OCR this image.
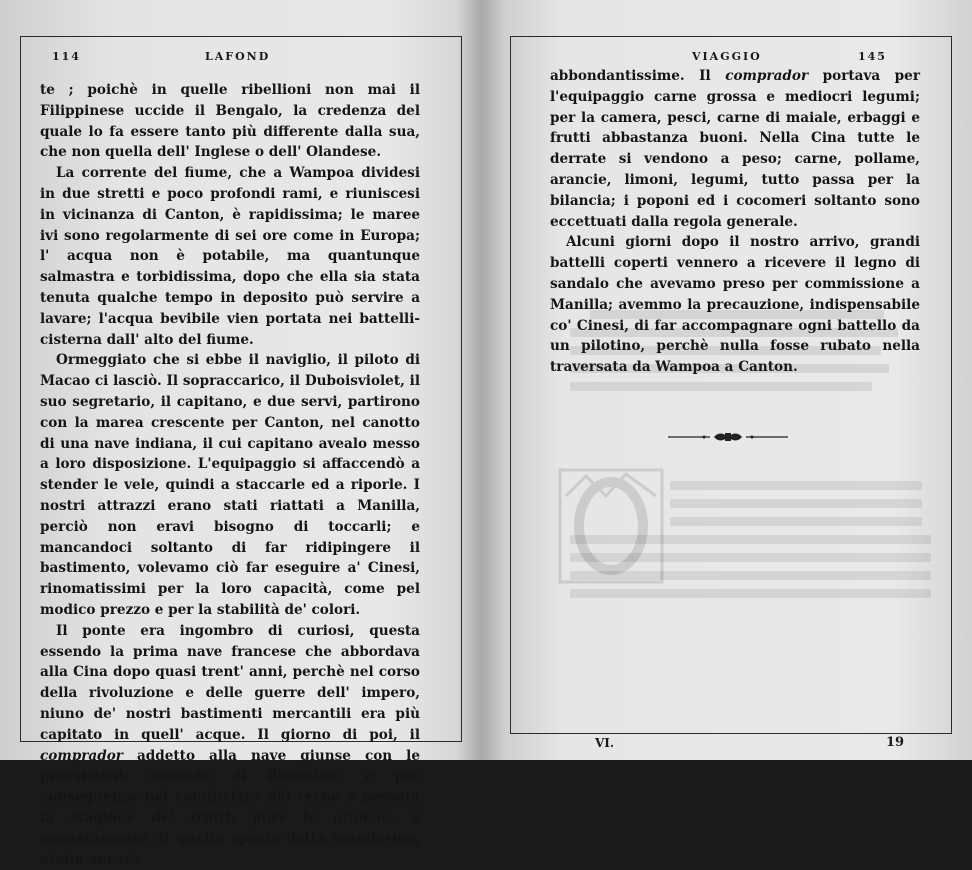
114	LAFOND

te ; poichè in quelle ribellioni non mai il Filippinese uccide il Bengalo, la credenza del quale lo fa essere tanto più differente dalla sua, che non quella dell' Inglese o dell' Olandese.

La corrente del fiume, che a Wampoa dividesi in due stretti e poco profondi rami, e riuniscesi in vicinanza di Canton, è rapidissima; le maree ivi sono regolarmente di sei ore come in Europa; l' acqua non è potabile, ma quantunque salmastra e torbidissima, dopo che ella sia stata tenuta qualche tempo in deposito può servire a lavare; l'acqua bevibile vien portata nei battelli-cisterna dall' alto del fiume.

Ormeggiato che si ebbe il naviglio, il piloto di Macao ci lasciò. Il sopraccarico, il Duboisviolet, il suo segretario, il capitano, e due servi, partirono con la marea crescente per Canton, nel canotto di una nave indiana, il cui capitano avealo messo a loro disposizione. L'equipaggio si affaccendò a stender le vele, quindi a staccarle ed a riporle. I nostri attrazzi erano stati riattati a Manilla, perciò non eravi bisogno di toccarli; e mancandoci soltanto di far ridipingere il bastimento, volevamo ciò far eseguire a' Cinesi, rinomatissimi per la loro capacità, come pel modico prezzo e per la stabilità de' colori.

Il ponte era ingombro di curiosi, questa essendo la prima nave francese che abbordava alla Cina dopo quasi trent' anni, perchè nel corso della rivoluzione e delle guerre dell' impero, niuno de' nostri bastimenti mercantili era più capitato in quell' acque. Il giorno di poi, il comprador addetto alla nave giunse con le provvisioni; essendo di dicembre, e per conseguenza nel cominciare del verno e passata la stagione de' frutti, pure le arancie, e segnatamente di quella specie detta mandarine, erano ancora

VIAGGIO	145

abbondantissime. Il comprador portava per l'equipaggio carne grossa e mediocri legumi; per la camera, pesci, carne di maiale, erbaggi e frutti abbastanza buoni. Nella Cina tutte le derrate si vendono a peso; carne, pollame, arancie, limoni, legumi, tutto passa per la bilancia; i poponi ed i cocomeri soltanto sono eccettuati dalla regola generale.

Alcuni giorni dopo il nostro arrivo, grandi battelli coperti vennero a ricevere il legno di sandalo che avevamo preso per commissione a Manilla; avemmo la precauzione, indispensabile co' Cinesi, di far accompagnare ogni battello da un pilotino, perchè nulla fosse rubato nella traversata da Wampoa a Canton.

VI.	19
